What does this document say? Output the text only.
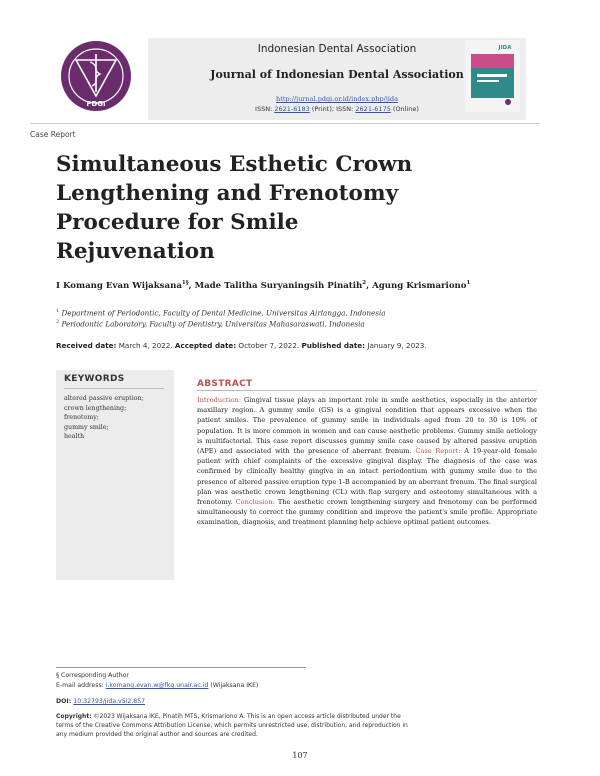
PDGI
Indonesian Dental Association
Journal of Indonesian Dental Association
http://jurnal.pdgi.or.id/index.php/jida
ISSN: 2621-6183 (Print); ISSN: 2621-6175 (Online)
JIDA
Case Report
Simultaneous Esthetic Crown Lengthening and Frenotomy Procedure for Smile Rejuvenation
I Komang Evan Wijaksana$^{1\S}$, Made Talitha Suryaningsih Pinatih$^2$, Agung Krismariono$^1$
$^1$ Department of Periodontic, Faculty of Dental Medicine, Universitas Airlangga, Indonesia
$^2$ Periodontic Laboratory, Faculty of Dentistry, Universitas Mahasaraswati, Indonesia
Received date: March 4, 2022. Accepted date: October 7, 2022. Published date: January 9, 2023.
KEYWORDS
altered passive eruption;
crown lengthening;
frenotomy;
gummy smile;
health
ABSTRACT
Introduction: Gingival tissue plays an important role in smile aesthetics, especially in the anterior maxillary region. A gummy smile (GS) is a gingival condition that appears excessive when the patient smiles. The prevalence of gummy smile in individuals aged from 20 to 30 is 10% of population. It is more common in women and can cause aesthetic problems. Gummy smile aetiology is multifactorial. This case report discusses gummy smile case caused by altered passive eruption (APE) and associated with the presence of aberrant frenum. Case Report: A 19-year-old female patient with chief complaints of the excessive gingival display. The diagnosis of the case was confirmed by clinically healthy gingiva in an intact periodontium with gummy smile due to the presence of altered passive eruption type 1-B accompanied by an aberrant frenum. The final surgical plan was aesthetic crown lengthening (CL) with flap surgery and osteotomy simultaneous with a frenotomy. Conclusion: The aesthetic crown lengthening surgery and frenotomy can be performed simultaneously to correct the gummy condition and improve the patient's smile profile. Appropriate examination, diagnosis, and treatment planning help achieve optimal patient outcomes.
§ Corresponding Author
E-mail address: i.komang.evan.w@fkg.unair.ac.id (Wijaksana IKE)
DOI: 10.32793/jida.v5i2.857
Copyright: ©2023 Wijaksana IKE, Pinatih MTS, Krismariono A. This is an open access article distributed under the terms of the Creative Commons Attribution License, which permits unrestricted use, distribution, and reproduction in any medium provided the original author and sources are credited.
107
